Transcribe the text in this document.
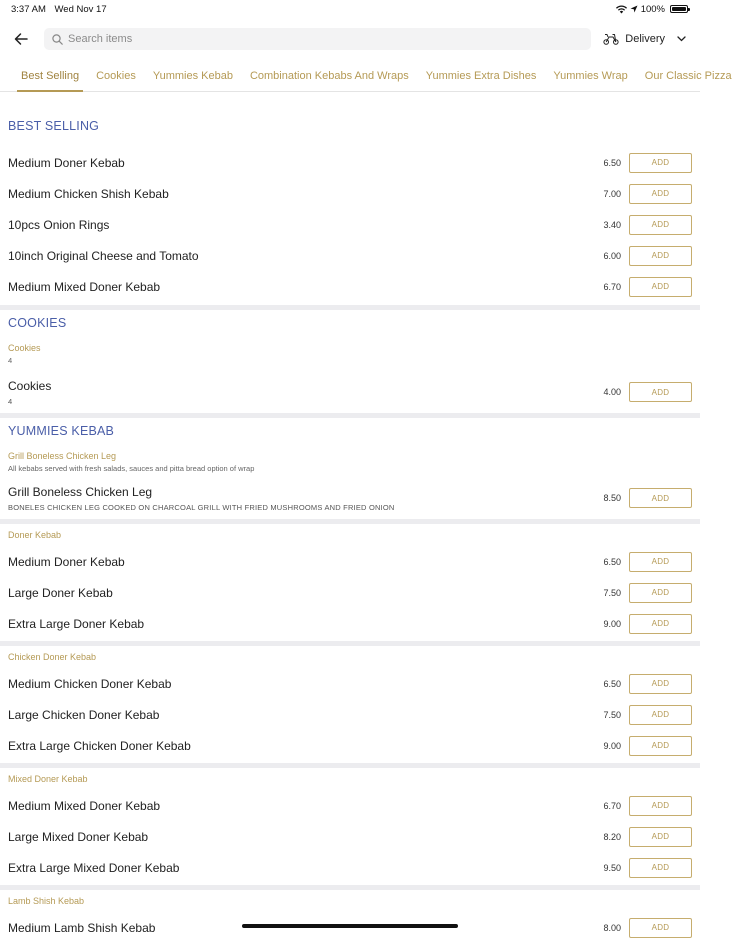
3:37 AM Wed Nov 17	100%
Search items
Delivery
Best Selling Cookies Yummies Kebab Combination Kebabs And Wraps Yummies Extra Dishes Yummies Wrap Our Classic Pizza
BEST SELLING
Medium Doner Kebab	6.50	ADD
Medium Chicken Shish Kebab	7.00	ADD
10pcs Onion Rings	3.40	ADD
10inch Original Cheese and Tomato	6.00	ADD
Medium Mixed Doner Kebab	6.70	ADD
COOKIES
Cookies
4
Cookies
4
4.00	ADD
YUMMIES KEBAB
Grill Boneless Chicken Leg
All kebabs served with fresh salads, sauces and pitta bread option of wrap
Grill Boneless Chicken Leg
BONELES CHICKEN LEG COOKED ON CHARCOAL GRILL WITH FRIED MUSHROOMS AND FRIED ONION
8.50	ADD
Doner Kebab
Medium Doner Kebab	6.50	ADD
Large Doner Kebab	7.50	ADD
Extra Large Doner Kebab	9.00	ADD
Chicken Doner Kebab
Medium Chicken Doner Kebab	6.50	ADD
Large Chicken Doner Kebab	7.50	ADD
Extra Large Chicken Doner Kebab	9.00	ADD
Mixed Doner Kebab
Medium Mixed Doner Kebab	6.70	ADD
Large Mixed Doner Kebab	8.20	ADD
Extra Large Mixed Doner Kebab	9.50	ADD
Lamb Shish Kebab
Medium Lamb Shish Kebab	8.00	ADD
